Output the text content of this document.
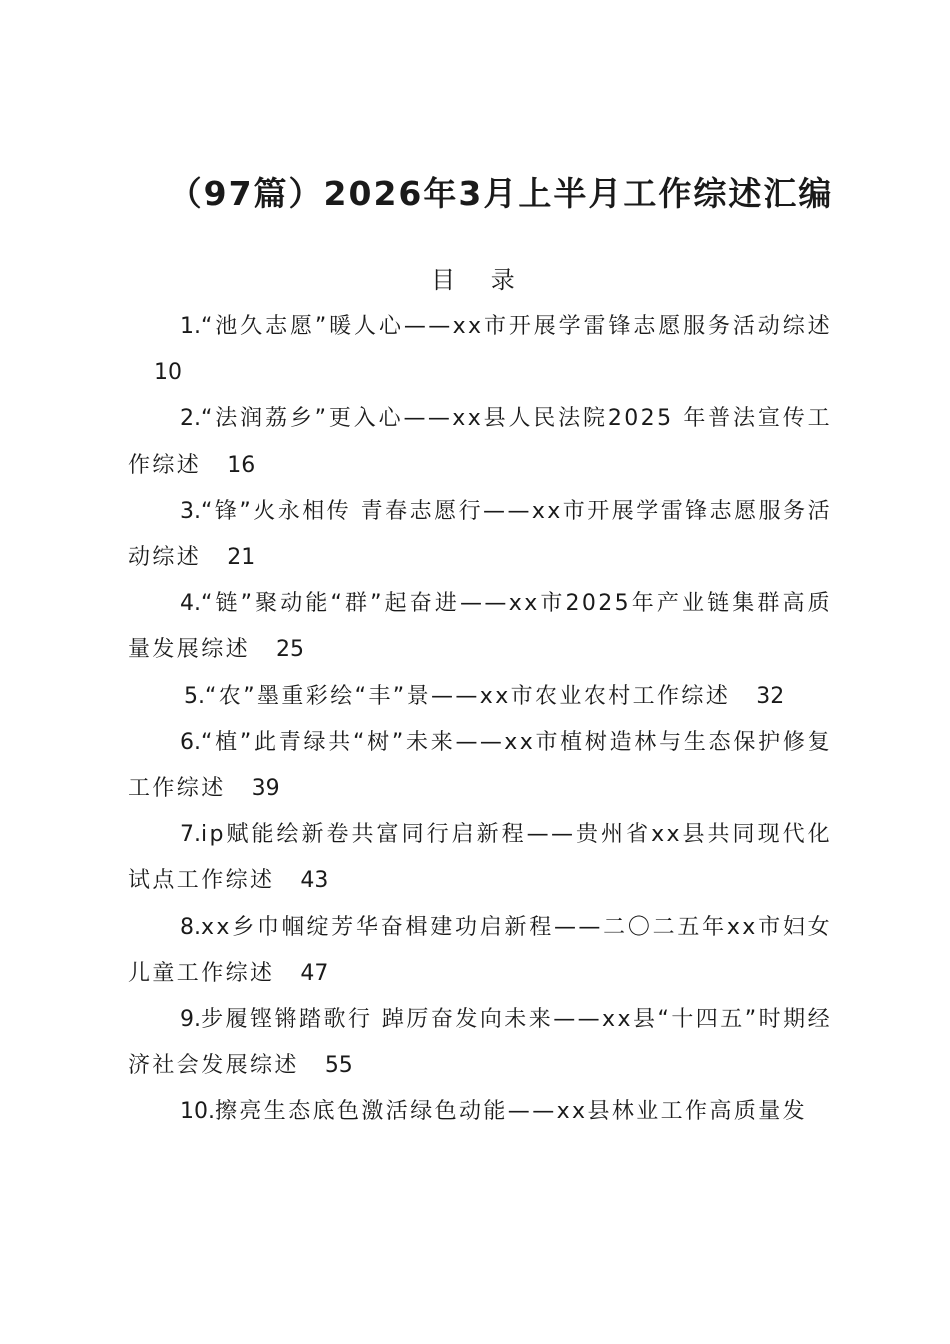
（97篇）2026年3月上半月工作综述汇编
目 录

1.“池久志愿”暖人心——xx市开展学雷锋志愿服务活动综述10

2.“法润荔乡”更入心——xx县人民法院2025 年普法宣传工作综述 16

3.“锋”火永相传 青春志愿行——xx市开展学雷锋志愿服务活动综述 21

4.“链”聚动能“群”起奋进——xx市2025年产业链集群高质量发展综述 25

5.“农”墨重彩绘“丰”景——xx市农业农村工作综述 32

6.“植”此青绿共“树”未来——xx市植树造林与生态保护修复工作综述 39

7.ip赋能绘新卷共富同行启新程——贵州省xx县共同现代化试点工作综述 43

8.xx乡巾帼绽芳华奋楫建功启新程——二〇二五年xx市妇女儿童工作综述 47

9.步履铿锵踏歌行 踔厉奋发向未来——xx县“十四五”时期经济社会发展综述 55

10.擦亮生态底色激活绿色动能——xx县林业工作高质量发
